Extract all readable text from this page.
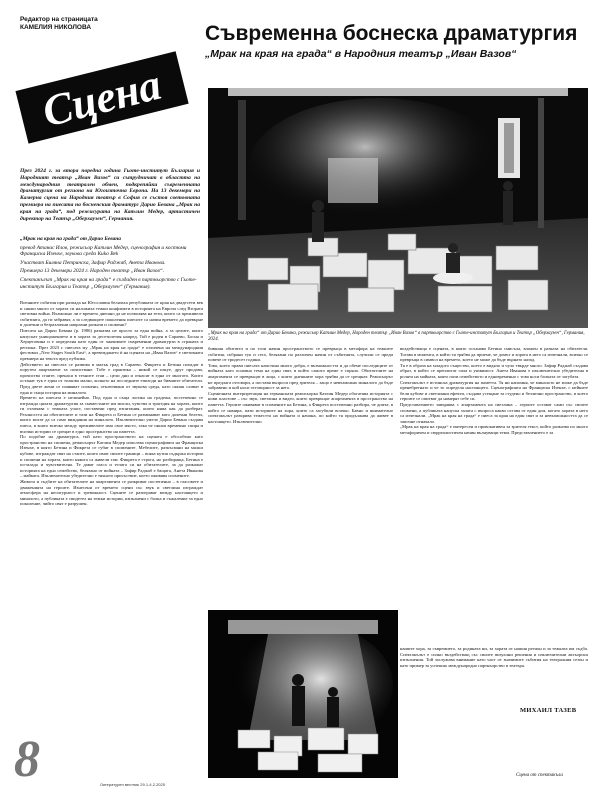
Редактор на страницата
КАМЕЛИЯ НИКОЛОВА
Сцена
Съвременна боснеска драматургия
„Мрак на края на града“ в Народния театър „Иван Вазов“
През 2024 г. за втора поредна година Гьоте-институт България и Народният театър „Иван Вазов“ си сътрудничат в областта на международния театрален обмен, подкрепяйки съвременната драматургия от региона на Югоизточна Европа. На 13 декември на Камерна сцена на Народния театър в София се състоя световната премиера на пиесата на босненския драматург Дарио Бевана „Мрак на края на града“, под режисурата на Катлин Медер, артистичен директор на Театър „Оберхаузен“, Германия.

„Мрак на края на града“ от Дарио Бевана

превод Атанас Илов, режисьор Катлин Медер, сценография и костюми Франциска Изенхе, звукова среда Kuko Bek

Участват Биляна Петринска, Зафир Раджаб, Анета Иванова.

Премиера 13 декември 2024 г. Народен театър „Иван Вазов“.

Спектакълът „Мрак на края на града“ е създаден в партньорство с Гьоте-институт България и Театър „Оберхаузен“ (Германия).

Военните събития при разпада на Югославия белязаха републиката от края на двадесети век и сякаш много от хората си наложиха тежки конфликти в историята на Европа след Втората световна война. Възможно ли е времето днешно да не позволява на тези, които са преживели събитията, да ги забравят, а за следващите поколения пиесите са начин времето да превърне в далечни и безразлични напразни разкази и спомени?

Пиесата на Дарио Бевана (р. 1986) разказва не просто за една война, а за целите, които напускат унищожението и в хората за десетилетия напред. Той е роден в Сараево, Босна и Херцеговина и е определян като един от значимите съвременни драматурзи в страната и региона. През 2023 г. пиесата му „Мрак на края на града“ е отличена на международния фестивал „New Stages South East“, а превеждането ѝ на сцената на „Иван Вазов“ е световната премиера на текста пред публика.

Действието на пиесата се развива в малък град в Сараево. Фикрета и Бетина попадат в порутен апартамент за почистване. Тобе е практика – никой се изкуе, друг продава, прочиства стаите, пренася в техните стаи – цели дни и отнасят в една от многото. Които останат тук е един от толкова малко, колкото на последните епизоди на бившите обитатели. Пред двете жени се появяват спомени, отключвани от звукова среда, като сякаш сливат в една и същи история на миналото.

Времето на пиесата е нелинейно. Под една и съща логика на градежа, постепенно се изгражда цялата драматургия за съвместните им мисли, чувства и трагедия на хората, които ги отличава с тежката участ, поставени пред изпитания, които няма как да разберат. Реалността на обитателите и тази на Фикрета и Бетина се разминават като далечни белези, които могат да са само виждания на миналото. Изключително умело Дарио Бевана създава пиеса, в която всичко между преживелите има свое място, така че сякаш временно спира и всички истории се срещат в едно пространство на паметта.

По подобие на драматурга, тъй като пространството на сцената е обособено като пространство на спомена, режисьорът Катлин Медер използва сценографията на Франциска Изенхе, в която Бетина и Фикрета се губят в спомените. Мебелите, разкъсвани на малки кубове, изграждат свят на стаите, които имат своите граници – всяка кутия съдържа истории и спомени на хората, които някога са живели там. Фикрета е строга, но разбираща, Бетина е по-млада и чувствителна. Те дават гласа и телата си на обитателите, за да разкажат историята на едно семейство, белязано от войната – Зафир Раджаб е бащата, Анета Иванова – майката. Изключително убедително е тяхното присъствие, което оживява спомените.

Живота и съдбите на обитателите на апартамента се разкриват постепенно – в гласовете и движенията на героите. Изнесени от времето сцени със звук и светлина изграждат атмосфера на несигурност и тревожност. Сцените се разиграват между настоящето и миналото, а публиката е свидетел на тежки истории, изпълнени с болка и съжаление за едно поколение, чийто свят е разрушен.

„Мрак на края на града“ от Дарио Бевана, режисьор Катлин Медер, Народен театър „Иван Вазов“ в партньорство с Гьоте-институт България и Театър „Оберхаузен“, Германия, 2024.

бившия обитател и по този начин пространството се превръща в метафора на тежките събития, събрани тук и сега, белязани по различен начин от събитията, случили се преди повече от тридесет години.

Това, което прави пиесата наистина много добра, е възможността и да обеме последиците от войната като основна тема на един свят, в който самото време е спряло. Обитателите на апартамента се превръщат в лица, с които днешните хора трябва да се срещнат. Режисьорът не предлага отговори, а поставя въпроси пред зрителя – защо е невъзможно миналото да бъде забравено и кой носи отговорност за него.

Сценичната интерпретация на германската режисьорка Катлин Медер обогатява историята с нови пластове – със звук, светлина и видео, които превръщат апартамента в пространство на паметта. Героите оживяват в спомените на Бетина, а Фикрета постепенно разбира, че домът, в който се намира, пази историите на хора, които са загубили всичко. Бавно и внимателно спектакълът разкрива тежестта на войната и начина, по който тя продължава да живее в настоящето. Изключително

въздействаща е сцената, в която осъзнава Бетина смисъла, вложен в разказа на обитателя. Тогава в момента, в който тя трябва да приеме, че домът и хората в него са изчезнали, всичко се превръща в символ на времето, което не може да бъде върнато назад.

Тя е в образа на младото същество, което е видяло и чуло твърде много. Зафир Раджаб създава образ, в който се преплитат сила и уязвимост. Анета Иванова е изключително убедителна в ролята на майката, която пази семейството и едновременно с това носи болката от загубата.

Спектакълът е истинска драматургия на паметта. Тя ни напомня, че миналото не може да бъде пренебрегнато и че то определя настоящето. Сценографията на Франциска Изенхе, с нейните бели кубове и светлинни ефекти, създава усещане за студено и безлично пространство, в което героите се опитват да намерят себе си.

Представлението завършва с апартамента на светлина – героите остават сами със своите спомени, а публиката напуска залата с въпроса какво остава от един дом, когато хората в него са изчезнали. „Мрак на края на града“ е пиеса за края на един свят и за невъзможността да се започне отначало.

„Мрак на края на града“ е интересен и провокативен за зрителя текст, който разказва по много метафоричен и сюрреалистичен начин вълнуващи теми. Представлението е за

нашите хора, за съвремието, за родината ни, за хората от нашия регион и за тежката им съдба. Спектакълът е силно въздействащ със своите визуални решения и изключителни актьорски изпълнения. Той заслужава внимание като част от значимите събития на театралния сезон и като пример за успешно международно партньорство в театъра.
МИХАИЛ ТАЗЕВ
Сцена от спектакъла
8	Литературен вестник 29.1-4.2.2025
